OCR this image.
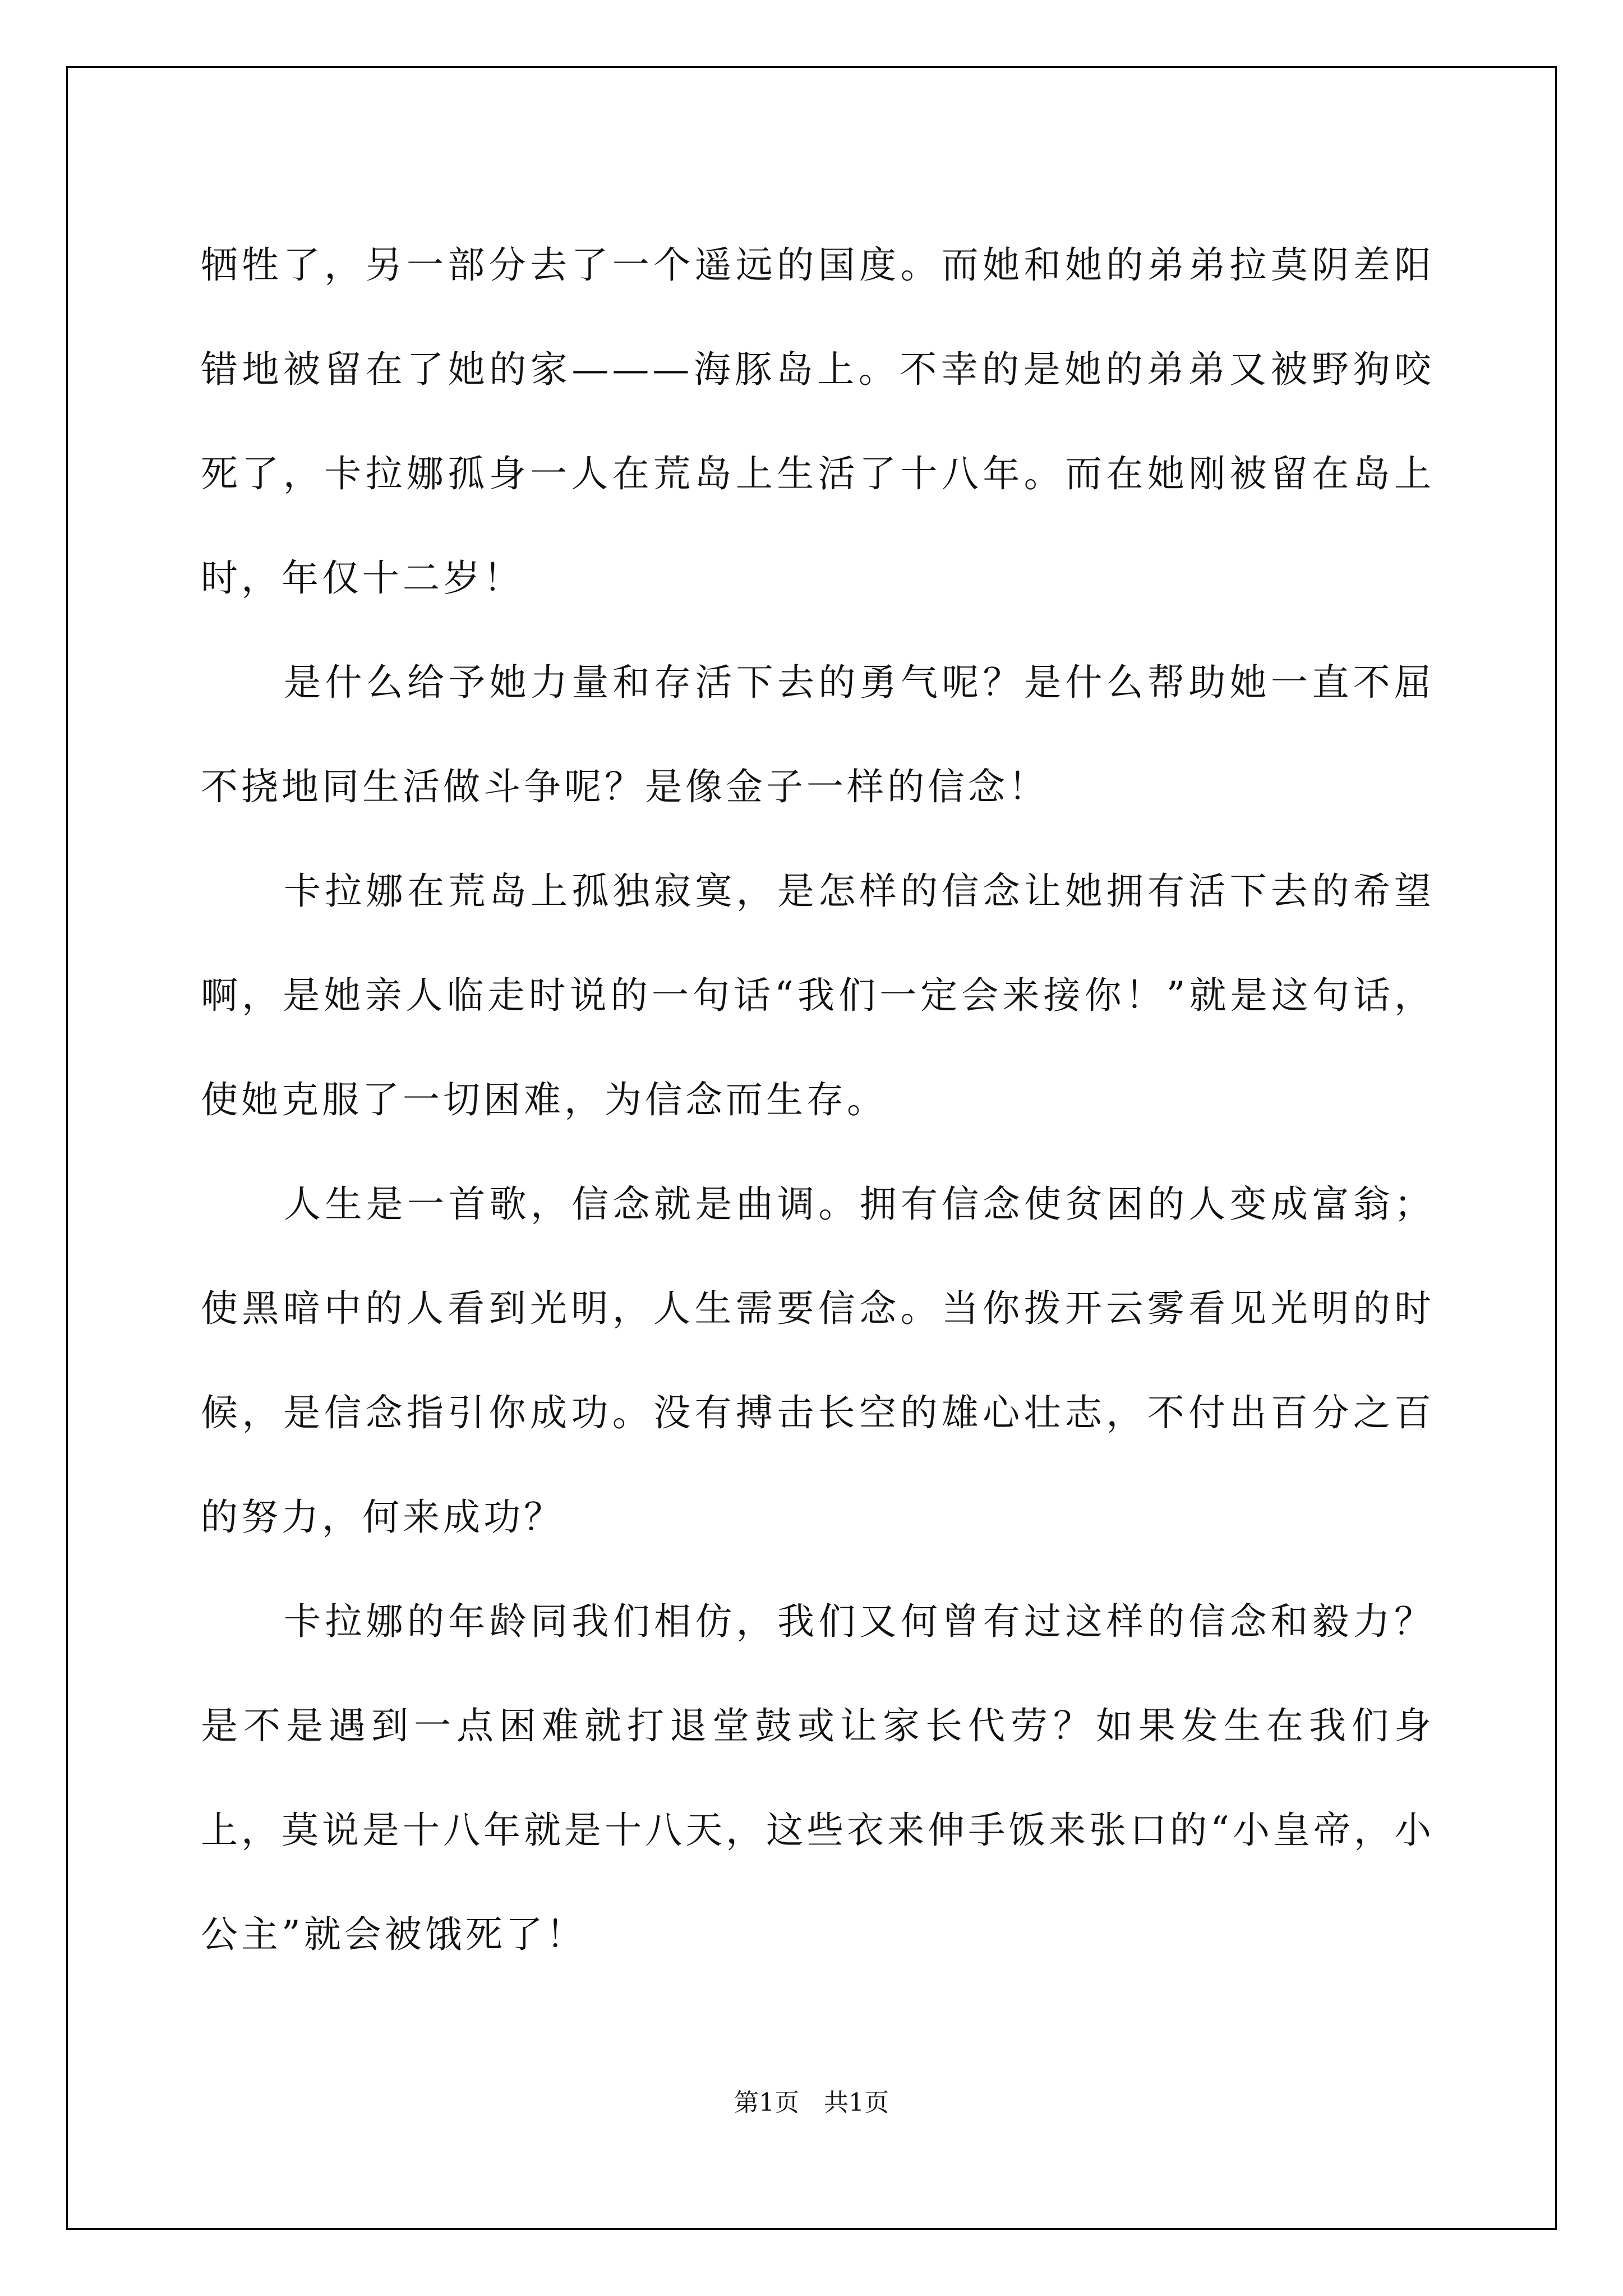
牺牲了，另一部分去了一个遥远的国度。而她和她的弟弟拉莫阴差阳错地被留在了她的家———海豚岛上。不幸的是她的弟弟又被野狗咬死了，卡拉娜孤身一人在荒岛上生活了十八年。而在她刚被留在岛上时，年仅十二岁！

是什么给予她力量和存活下去的勇气呢？是什么帮助她一直不屈不挠地同生活做斗争呢？是像金子一样的信念！

卡拉娜在荒岛上孤独寂寞，是怎样的信念让她拥有活下去的希望啊，是她亲人临走时说的一句话“我们一定会来接你！”就是这句话，使她克服了一切困难，为信念而生存。

人生是一首歌，信念就是曲调。拥有信念使贫困的人变成富翁；使黑暗中的人看到光明，人生需要信念。当你拨开云雾看见光明的时候，是信念指引你成功。没有搏击长空的雄心壮志，不付出百分之百的努力，何来成功？

卡拉娜的年龄同我们相仿，我们又何曾有过这样的信念和毅力？是不是遇到一点困难就打退堂鼓或让家长代劳？如果发生在我们身上，莫说是十八年就是十八天，这些衣来伸手饭来张口的“小皇帝，小公主”就会被饿死了！

第1页　共1页
